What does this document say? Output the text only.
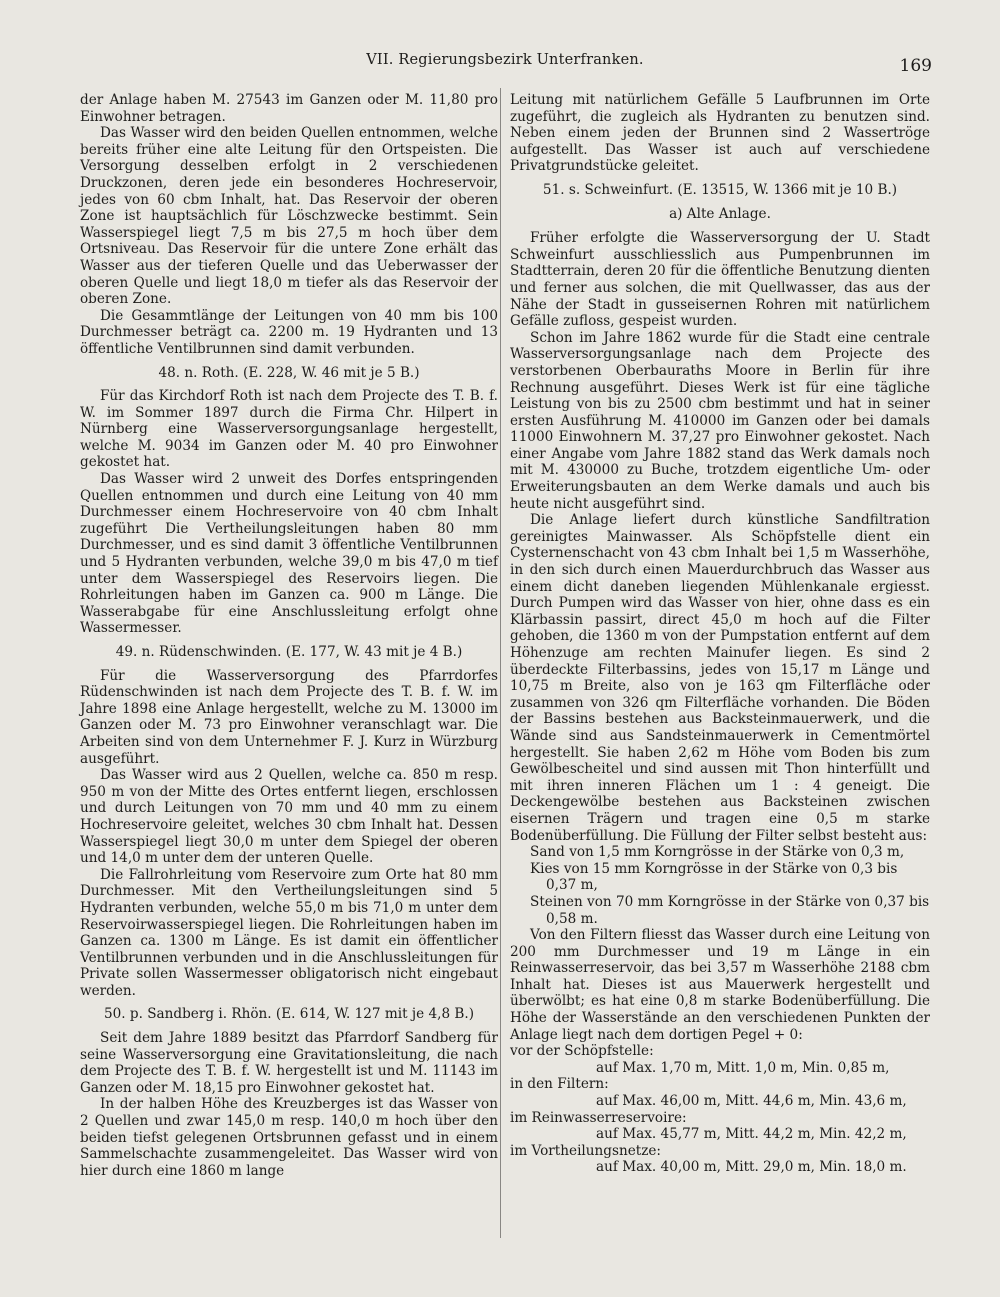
VII. Regierungsbezirk Unterfranken.	169

der Anlage haben M. 27543 im Ganzen oder M. 11,80 pro Einwohner betragen.

Das Wasser wird den beiden Quellen entnommen, welche bereits früher eine alte Leitung für den Ortspeisten. Die Versorgung desselben erfolgt in 2 verschiedenen Druckzonen, deren jede ein besonderes Hochreservoir, jedes von 60 cbm Inhalt, hat. Das Reservoir der oberen Zone ist hauptsächlich für Löschzwecke bestimmt. Sein Wasserspiegel liegt 7,5 m bis 27,5 m hoch über dem Ortsniveau. Das Reservoir für die untere Zone erhält das Wasser aus der tieferen Quelle und das Ueberwasser der oberen Quelle und liegt 18,0 m tiefer als das Reservoir der oberen Zone.

Die Gesammtlänge der Leitungen von 40 mm bis 100 Durchmesser beträgt ca. 2200 m. 19 Hydranten und 13 öffentliche Ventilbrunnen sind damit verbunden.

48. n. Roth. (E. 228, W. 46 mit je 5 B.)

Für das Kirchdorf Roth ist nach dem Projecte des T. B. f. W. im Sommer 1897 durch die Firma Chr. Hilpert in Nürnberg eine Wasserversorgungsanlage hergestellt, welche M. 9034 im Ganzen oder M. 40 pro Einwohner gekostet hat.

Das Wasser wird 2 unweit des Dorfes entspringenden Quellen entnommen und durch eine Leitung von 40 mm Durchmesser einem Hochreservoire von 40 cbm Inhalt zugeführt Die Vertheilungsleitungen haben 80 mm Durchmesser, und es sind damit 3 öffentliche Ventilbrunnen und 5 Hydranten verbunden, welche 39,0 m bis 47,0 m tief unter dem Wasserspiegel des Reservoirs liegen. Die Rohrleitungen haben im Ganzen ca. 900 m Länge. Die Wasserabgabe für eine Anschlussleitung erfolgt ohne Wassermesser.

49. n. Rüdenschwinden. (E. 177, W. 43 mit je 4 B.)

Für die Wasserversorgung des Pfarrdorfes Rüdenschwinden ist nach dem Projecte des T. B. f. W. im Jahre 1898 eine Anlage hergestellt, welche zu M. 13000 im Ganzen oder M. 73 pro Einwohner veranschlagt war. Die Arbeiten sind von dem Unternehmer F. J. Kurz in Würzburg ausgeführt.

Das Wasser wird aus 2 Quellen, welche ca. 850 m resp. 950 m von der Mitte des Ortes entfernt liegen, erschlossen und durch Leitungen von 70 mm und 40 mm zu einem Hochreservoire geleitet, welches 30 cbm Inhalt hat. Dessen Wasserspiegel liegt 30,0 m unter dem Spiegel der oberen und 14,0 m unter dem der unteren Quelle.

Die Fallrohrleitung vom Reservoire zum Orte hat 80 mm Durchmesser. Mit den Vertheilungsleitungen sind 5 Hydranten verbunden, welche 55,0 m bis 71,0 m unter dem Reservoirwasserspiegel liegen. Die Rohrleitungen haben im Ganzen ca. 1300 m Länge. Es ist damit ein öffentlicher Ventilbrunnen verbunden und in die Anschlussleitungen für Private sollen Wassermesser obligatorisch nicht eingebaut werden.

50. p. Sandberg i. Rhön. (E. 614, W. 127 mit je 4,8 B.)

Seit dem Jahre 1889 besitzt das Pfarrdorf Sandberg für seine Wasserversorgung eine Gravitationsleitung, die nach dem Projecte des T. B. f. W. hergestellt ist und M. 11143 im Ganzen oder M. 18,15 pro Einwohner gekostet hat.

In der halben Höhe des Kreuzberges ist das Wasser von 2 Quellen und zwar 145,0 m resp. 140,0 m hoch über den beiden tiefst gelegenen Ortsbrunnen gefasst und in einem Sammelschachte zusammengeleitet. Das Wasser wird von hier durch eine 1860 m lange

Leitung mit natürlichem Gefälle 5 Laufbrunnen im Orte zugeführt, die zugleich als Hydranten zu benutzen sind. Neben einem jeden der Brunnen sind 2 Wassertröge aufgestellt. Das Wasser ist auch auf verschiedene Privatgrundstücke geleitet.

51. s. Schweinfurt. (E. 13515, W. 1366 mit je 10 B.)

a) Alte Anlage.

Früher erfolgte die Wasserversorgung der U. Stadt Schweinfurt ausschliesslich aus Pumpenbrunnen im Stadtterrain, deren 20 für die öffentliche Benutzung dienten und ferner aus solchen, die mit Quellwasser, das aus der Nähe der Stadt in gusseisernen Rohren mit natürlichem Gefälle zufloss, gespeist wurden.

Schon im Jahre 1862 wurde für die Stadt eine centrale Wasserversorgungsanlage nach dem Projecte des verstorbenen Oberbauraths Moore in Berlin für ihre Rechnung ausgeführt. Dieses Werk ist für eine tägliche Leistung von bis zu 2500 cbm bestimmt und hat in seiner ersten Ausführung M. 410000 im Ganzen oder bei damals 11000 Einwohnern M. 37,27 pro Einwohner gekostet. Nach einer Angabe vom Jahre 1882 stand das Werk damals noch mit M. 430000 zu Buche, trotzdem eigentliche Um- oder Erweiterungsbauten an dem Werke damals und auch bis heute nicht ausgeführt sind.

Die Anlage liefert durch künstliche Sandfiltration gereinigtes Mainwasser. Als Schöpfstelle dient ein Cysternenschacht von 43 cbm Inhalt bei 1,5 m Wasserhöhe, in den sich durch einen Mauerdurchbruch das Wasser aus einem dicht daneben liegenden Mühlenkanale ergiesst. Durch Pumpen wird das Wasser von hier, ohne dass es ein Klärbassin passirt, direct 45,0 m hoch auf die Filter gehoben, die 1360 m von der Pumpstation entfernt auf dem Höhenzuge am rechten Mainufer liegen. Es sind 2 überdeckte Filterbassins, jedes von 15,17 m Länge und 10,75 m Breite, also von je 163 qm Filterfläche oder zusammen von 326 qm Filterfläche vorhanden. Die Böden der Bassins bestehen aus Backsteinmauerwerk, und die Wände sind aus Sandsteinmauerwerk in Cementmörtel hergestellt. Sie haben 2,62 m Höhe vom Boden bis zum Gewölbescheitel und sind aussen mit Thon hinterfüllt und mit ihren inneren Flächen um 1 : 4 geneigt. Die Deckengewölbe bestehen aus Backsteinen zwischen eisernen Trägern und tragen eine 0,5 m starke Bodenüberfüllung. Die Füllung der Filter selbst besteht aus:

Sand von 1,5 mm Korngrösse in der Stärke von 0,3 m,

Kies von 15 mm Korngrösse in der Stärke von 0,3 bis 0,37 m,

Steinen von 70 mm Korngrösse in der Stärke von 0,37 bis 0,58 m.

Von den Filtern fliesst das Wasser durch eine Leitung von 200 mm Durchmesser und 19 m Länge in ein Reinwasserreservoir, das bei 3,57 m Wasserhöhe 2188 cbm Inhalt hat. Dieses ist aus Mauerwerk hergestellt und überwölbt; es hat eine 0,8 m starke Bodenüberfüllung. Die Höhe der Wasserstände an den verschiedenen Punkten der Anlage liegt nach dem dortigen Pegel + 0:

vor der Schöpfstelle:

auf Max. 1,70 m, Mitt. 1,0 m, Min. 0,85 m,

in den Filtern:

auf Max. 46,00 m, Mitt. 44,6 m, Min. 43,6 m,

im Reinwasserreservoire:

auf Max. 45,77 m, Mitt. 44,2 m, Min. 42,2 m,

im Vortheilungsnetze:

auf Max. 40,00 m, Mitt. 29,0 m, Min. 18,0 m.
